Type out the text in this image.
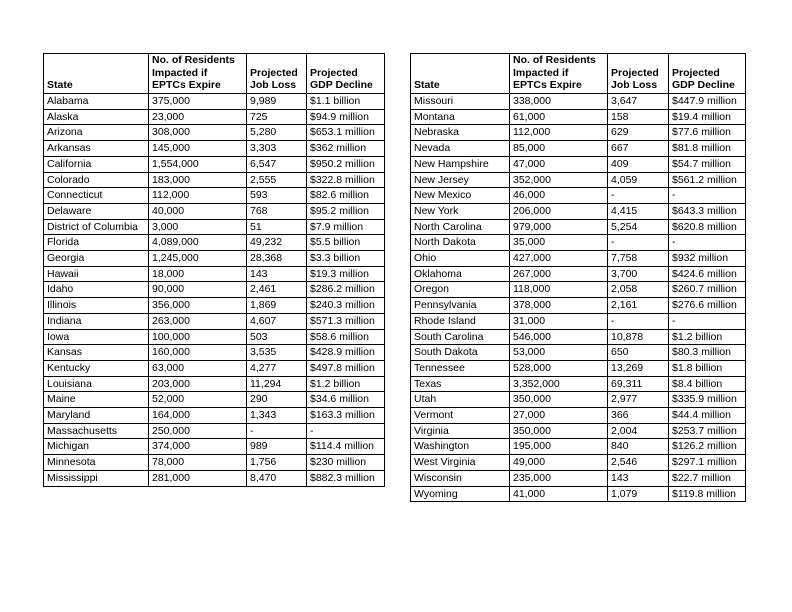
State	No. of Residents Impacted if EPTCs Expire	Projected Job Loss	Projected GDP Decline
Alabama	375,000	9,989	$1.1 billion
Alaska	23,000	725	$94.9 million
Arizona	308,000	5,280	$653.1 million
Arkansas	145,000	3,303	$362 million
California	1,554,000	6,547	$950.2 million
Colorado	183,000	2,555	$322.8 million
Connecticut	112,000	593	$82.6 million
Delaware	40,000	768	$95.2 million
District of Columbia	3,000	51	$7.9 million
Florida	4,089,000	49,232	$5.5 billion
Georgia	1,245,000	28,368	$3.3 billion
Hawaii	18,000	143	$19.3 million
Idaho	90,000	2,461	$286.2 million
Illinois	356,000	1,869	$240.3 million
Indiana	263,000	4,607	$571.3 million
Iowa	100,000	503	$58.6 million
Kansas	160,000	3,535	$428.9 million
Kentucky	63,000	4,277	$497.8 million
Louisiana	203,000	11,294	$1.2 billion
Maine	52,000	290	$34.6 million
Maryland	164,000	1,343	$163.3 million
Massachusetts	250,000	-	-
Michigan	374,000	989	$114.4 million
Minnesota	78,000	1,756	$230 million
Mississippi	281,000	8,470	$882.3 million
State	No. of Residents Impacted if EPTCs Expire	Projected Job Loss	Projected GDP Decline
Missouri	338,000	3,647	$447.9 million
Montana	61,000	158	$19.4 million
Nebraska	112,000	629	$77.6 million
Nevada	85,000	667	$81.8 million
New Hampshire	47,000	409	$54.7 million
New Jersey	352,000	4,059	$561.2 million
New Mexico	46,000	-	-
New York	206,000	4,415	$643.3 million
North Carolina	979,000	5,254	$620.8 million
North Dakota	35,000	-	-
Ohio	427,000	7,758	$932 million
Oklahoma	267,000	3,700	$424.6 million
Oregon	118,000	2,058	$260.7 million
Pennsylvania	378,000	2,161	$276.6 million
Rhode Island	31,000	-	-
South Carolina	546,000	10,878	$1.2 billion
South Dakota	53,000	650	$80.3 million
Tennessee	528,000	13,269	$1.8 billion
Texas	3,352,000	69,311	$8.4 billion
Utah	350,000	2,977	$335.9 million
Vermont	27,000	366	$44.4 million
Virginia	350,000	2,004	$253.7 million
Washington	195,000	840	$126.2 million
West Virginia	49,000	2,546	$297.1 million
Wisconsin	235,000	143	$22.7 million
Wyoming	41,000	1,079	$119.8 million
